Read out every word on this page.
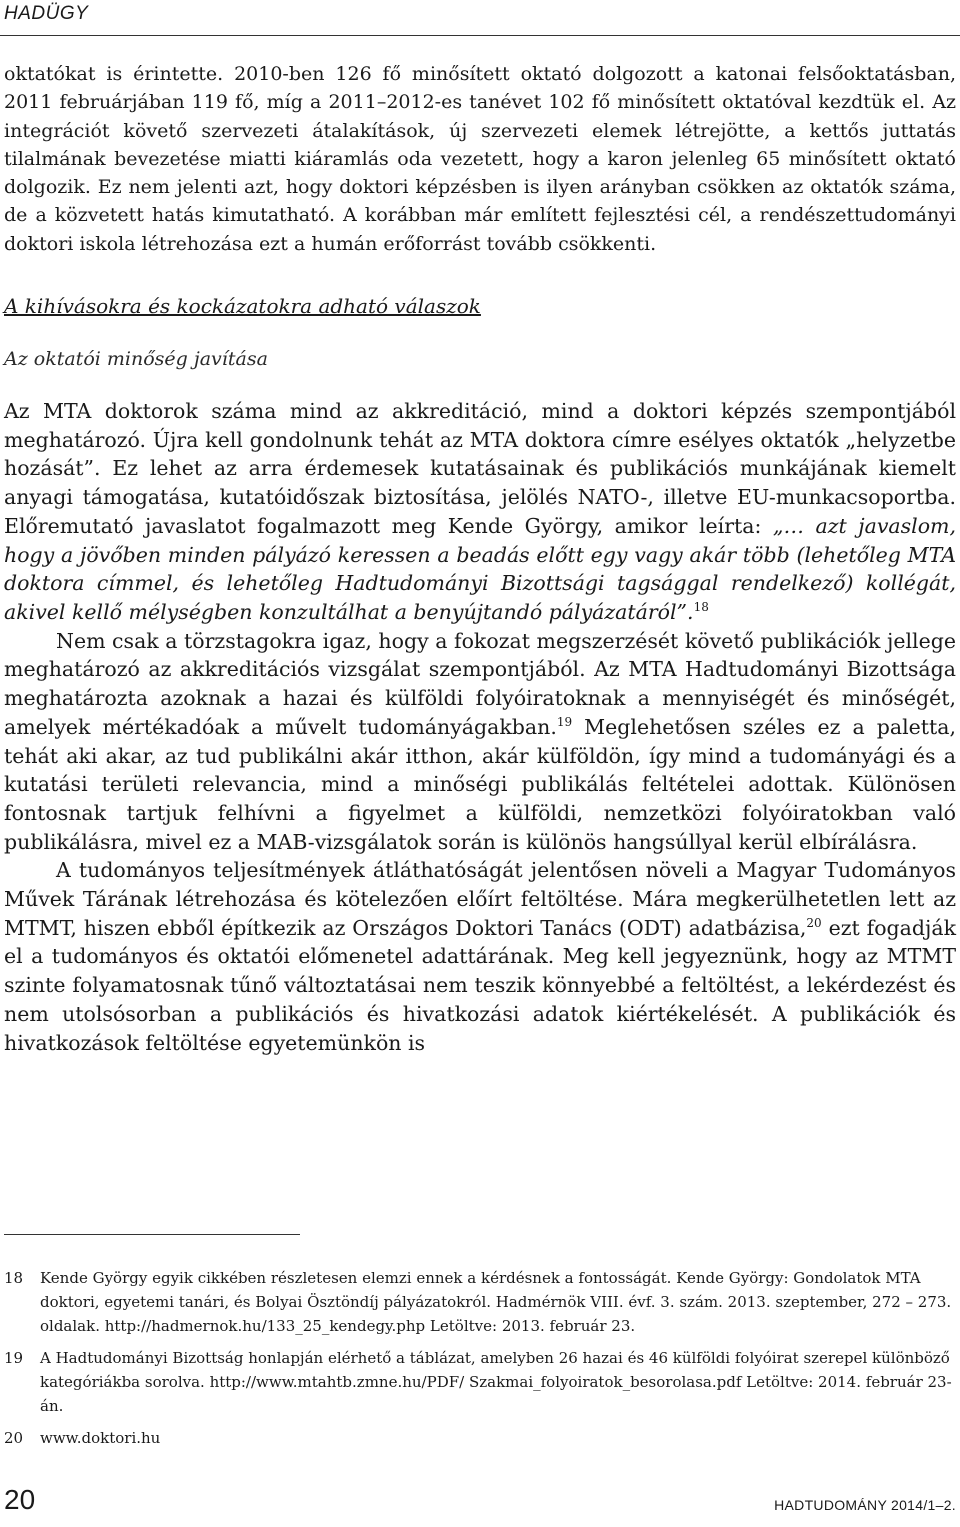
HADÜGY

oktatókat is érintette. 2010-ben 126 fő minősített oktató dolgozott a katonai felsőoktatásban, 2011 februárjában 119 fő, míg a 2011–2012-es tanévet 102 fő minősített oktatóval kezdtük el. Az integrációt követő szervezeti átalakítások, új szervezeti elemek létrejötte, a kettős juttatás tilalmának bevezetése miatti kiáramlás oda vezetett, hogy a karon jelenleg 65 minősített oktató dolgozik. Ez nem jelenti azt, hogy doktori képzésben is ilyen arányban csökken az oktatók száma, de a közvetett hatás kimutatható. A korábban már említett fejlesztési cél, a rendészettudományi doktori iskola létrehozása ezt a humán erőforrást tovább csökkenti.

A kihívásokra és kockázatokra adható válaszok

Az oktatói minőség javítása

Az MTA doktorok száma mind az akkreditáció, mind a doktori képzés szempontjából meghatározó. Újra kell gondolnunk tehát az MTA doktora címre esélyes oktatók „helyzetbe hozását”. Ez lehet az arra érdemesek kutatásainak és publikációs munkájának kiemelt anyagi támogatása, kutatóidőszak biztosítása, jelölés NATO-, illetve EU-munkacsoportba. Előremutató javaslatot fogalmazott meg Kende György, amikor leírta: „… azt javaslom, hogy a jövőben minden pályázó keressen a beadás előtt egy vagy akár több (lehetőleg MTA doktora címmel, és lehetőleg Hadtudományi Bizottsági tagsággal rendelkező) kollégát, akivel kellő mélységben konzultálhat a benyújtandó pályázatáról”.$^{18}$

Nem csak a törzstagokra igaz, hogy a fokozat megszerzését követő publikációk jellege meghatározó az akkreditációs vizsgálat szempontjából. Az MTA Hadtudományi Bizottsága meghatározta azoknak a hazai és külföldi folyóiratoknak a mennyiségét és minőségét, amelyek mértékadóak a művelt tudományágakban.$^{19}$ Meglehetősen széles ez a paletta, tehát aki akar, az tud publikálni akár itthon, akár külföldön, így mind a tudományági és a kutatási területi relevancia, mind a minőségi publikálás feltételei adottak. Különösen fontosnak tartjuk felhívni a figyelmet a külföldi, nemzetközi folyóiratokban való publikálásra, mivel ez a MAB-vizsgálatok során is különös hangsúllyal kerül elbírálásra.

A tudományos teljesítmények átláthatóságát jelentősen növeli a Magyar Tudományos Művek Tárának létrehozása és kötelezően előírt feltöltése. Mára megkerülhetetlen lett az MTMT, hiszen ebből építkezik az Országos Doktori Tanács (ODT) adatbázisa,$^{20}$ ezt fogadják el a tudományos és oktatói előmenetel adattárának. Meg kell jegyeznünk, hogy az MTMT szinte folyamatosnak tűnő változtatásai nem teszik könnyebbé a feltöltést, a lekérdezést és nem utolsósorban a publikációs és hivatkozási adatok kiértékelését. A publikációk és hivatkozások feltöltése egyetemünkön is

18	Kende György egyik cikkében részletesen elemzi ennek a kérdésnek a fontosságát. Kende György: Gondolatok MTA doktori, egyetemi tanári, és Bolyai Ösztöndíj pályázatokról. Hadmérnök VIII. évf. 3. szám. 2013. szeptember, 272 – 273. oldalak. http://hadmernok.hu/133_25_kendegy.php Letöltve: 2013. február 23.
19	A Hadtudományi Bizottság honlapján elérhető a táblázat, amelyben 26 hazai és 46 külföldi folyóirat szerepel különböző kategóriákba sorolva. http://www.mtahtb.zmne.hu/PDF/ Szakmai_folyoiratok_besorolasa.pdf Letöltve: 2014. február 23-án.
20	www.doktori.hu
20	HADTUDOMÁNY 2014/1–2.
